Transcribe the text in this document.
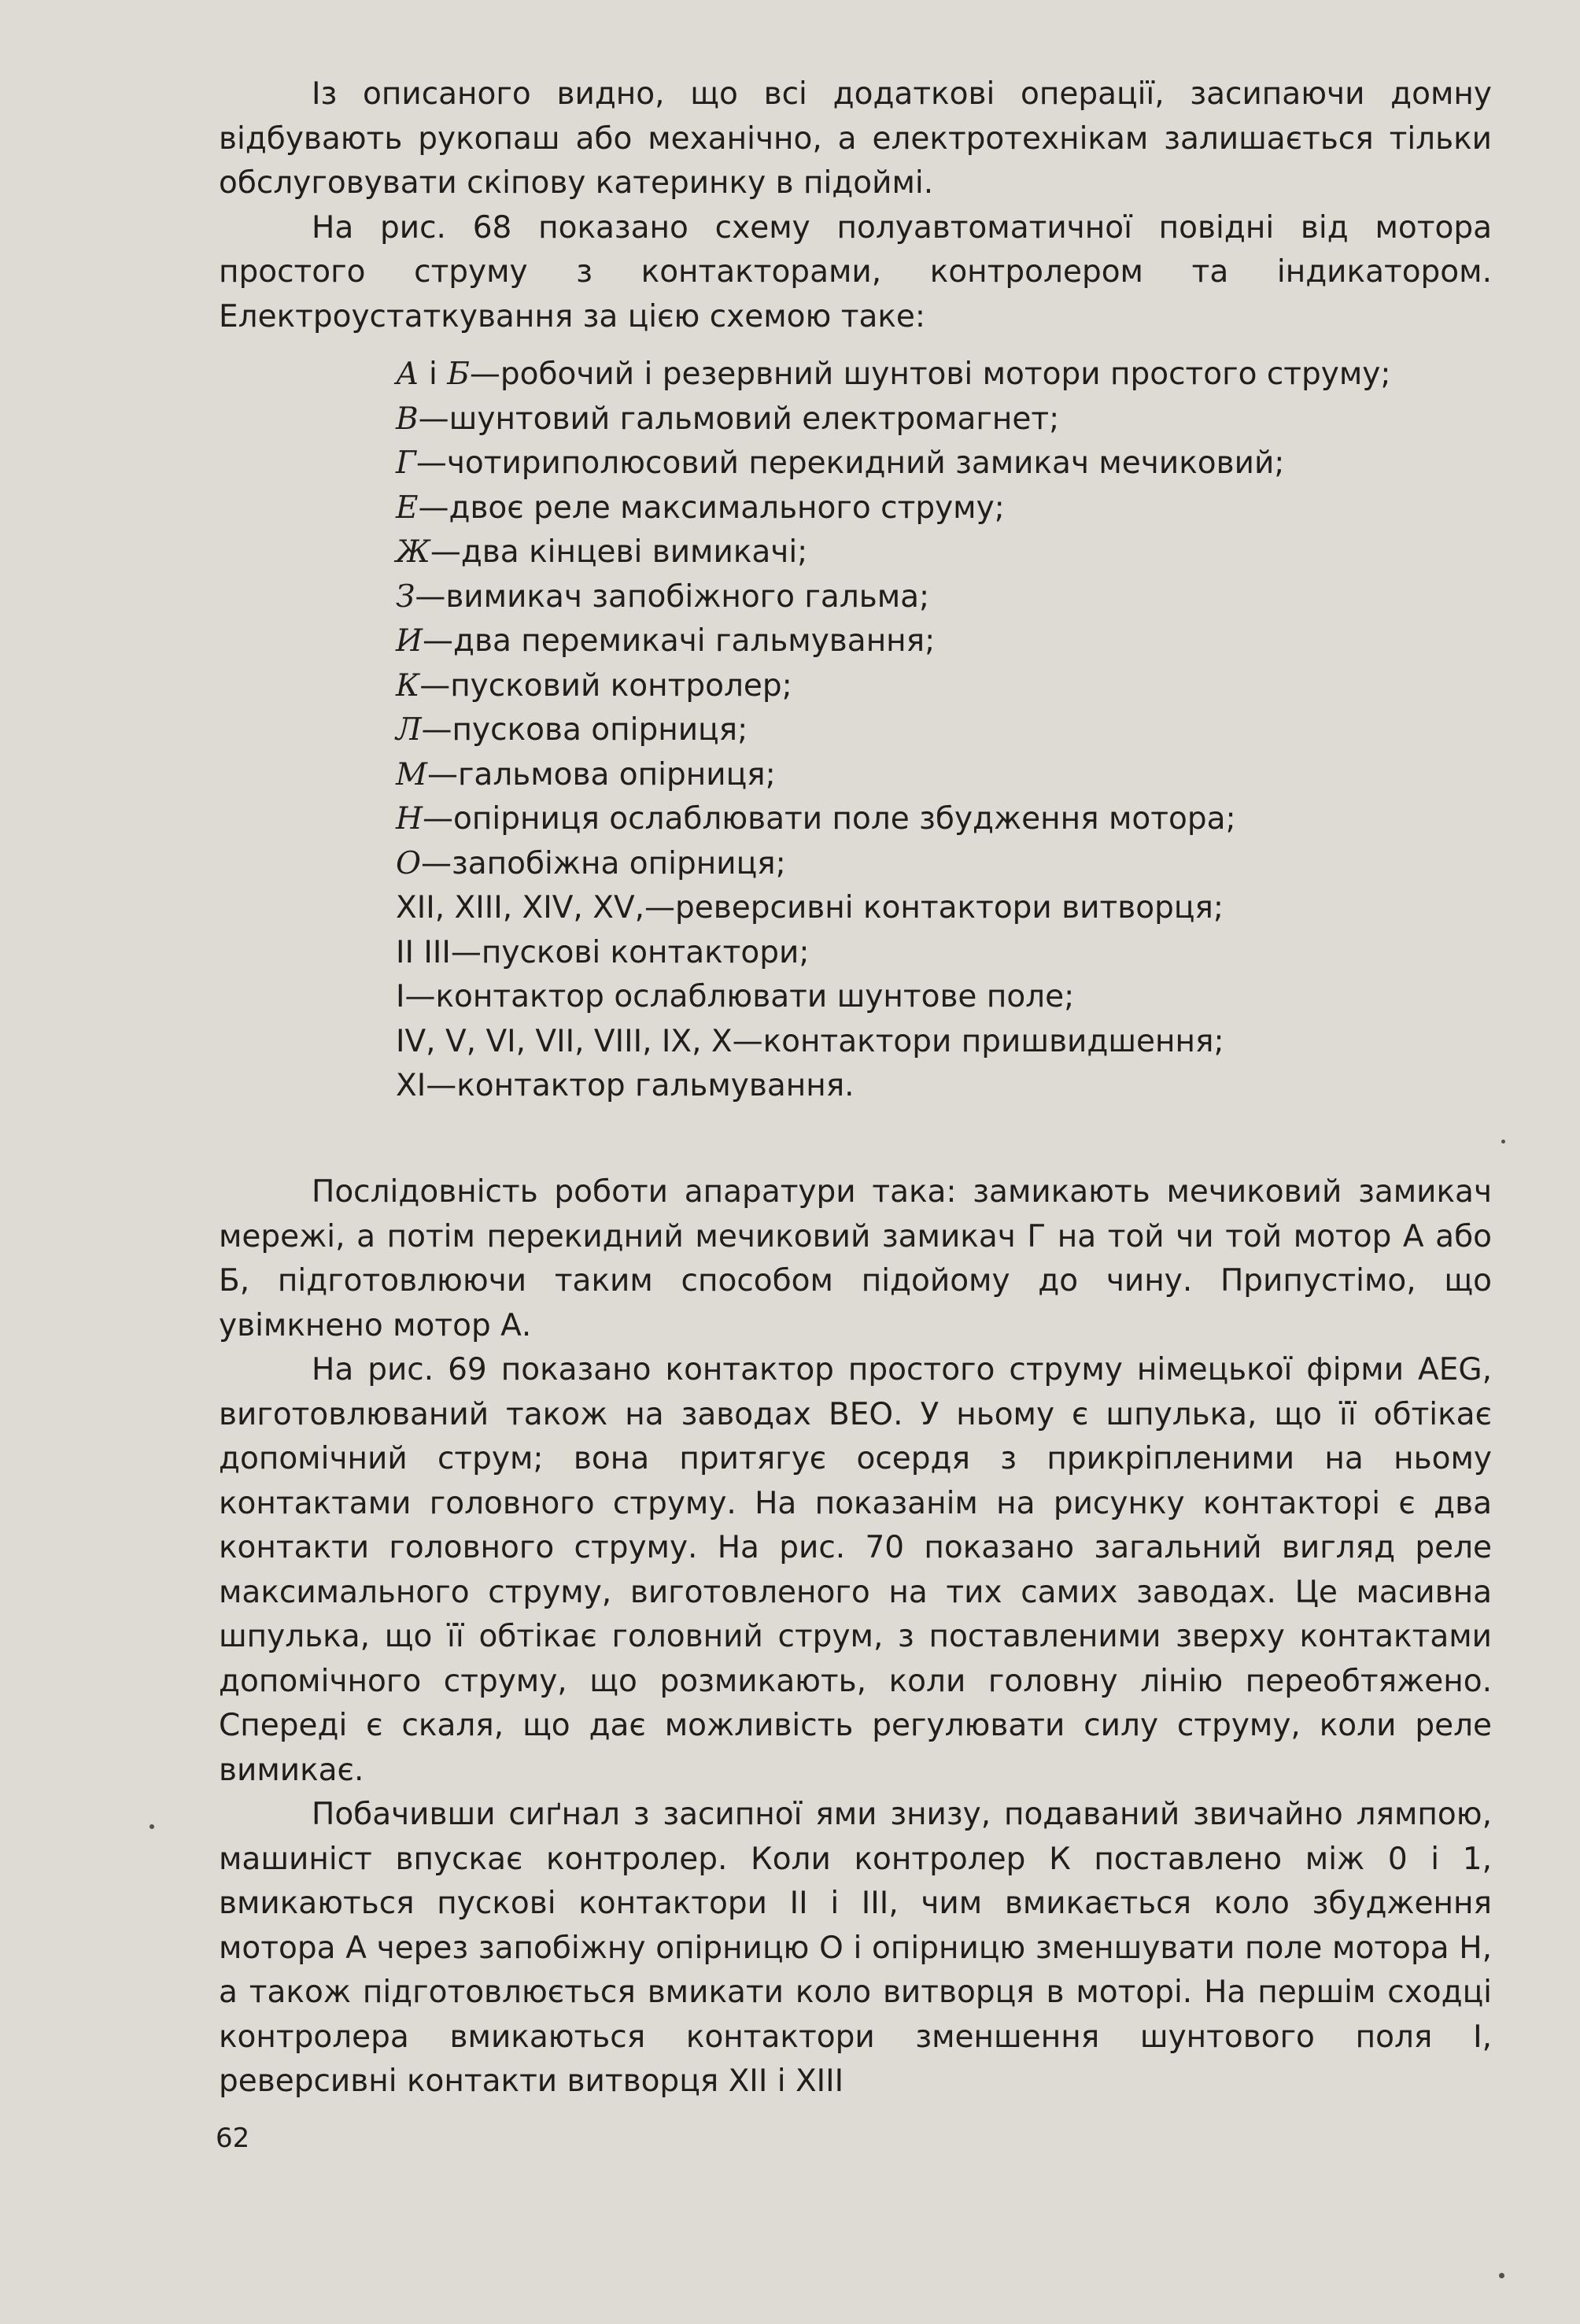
Із описаного видно, що всі додаткові операції, засипаючи домну відбувають рукопаш або механічно, а електротехнікам залишається тільки обслуговувати скіпову катеринку в підоймі.

На рис. 68 показано схему полуавтоматичної повідні від мотора простого струму з контакторами, контролером та індикатором. Електроустаткування за цією схемою таке:

А і Б—робочий і резервний шунтові мотори простого струму;
В—шунтовий гальмовий електромагнет;
Г—чотириполюсовий перекидний замикач мечиковий;
Е—двоє реле максимального струму;
Ж—два кінцеві вимикачі;
З—вимикач запобіжного гальма;
И—два перемикачі гальмування;
К—пусковий контролер;
Л—пускова опірниця;
М—гальмова опірниця;
Н—опірниця ослаблювати поле збудження мотора;
О—запобіжна опірниця;
XII, XIII, XIV, XV,—реверсивні контактори витворця;
II III—пускові контактори;
I—контактор ослаблювати шунтове поле;
IV, V, VI, VII, VIII, IX, X—контактори пришвидшення;
XI—контактор гальмування.

Послідовність роботи апаратури така: замикають мечиковий замикач мережі, а потім перекидний мечиковий замикач Г на той чи той мотор А або Б, підготовлюючи таким способом підойому до чину. Припустімо, що увімкнено мотор А.

На рис. 69 показано контактор простого струму німецької фірми AEG, виготовлюваний також на заводах ВЕО. У ньому є шпулька, що її обтікає допомічний струм; вона притягує осердя з прикріпленими на ньому контактами головного струму. На показанім на рисунку контакторі є два контакти головного струму. На рис. 70 показано загальний вигляд реле максимального струму, виготовленого на тих самих заводах. Це масивна шпулька, що її обтікає головний струм, з поставленими зверху контактами допомічного струму, що розмикають, коли головну лінію переобтяжено. Спереді є скаля, що дає можливість регулювати силу струму, коли реле вимикає.

Побачивши сиґнал з засипної ями знизу, подаваний звичайно лямпою, машиніст впускає контролер. Коли контролер К поставлено між 0 і 1, вмикаються пускові контактори II і III, чим вмикається коло збудження мотора А через запобіжну опірницю О і опірницю зменшувати поле мотора Н, а також підготовлюється вмикати коло витворця в моторі. На першім сходці контролера вмикаються контактори зменшення шунтового поля I, реверсивні контакти витворця XII і XIII

62
